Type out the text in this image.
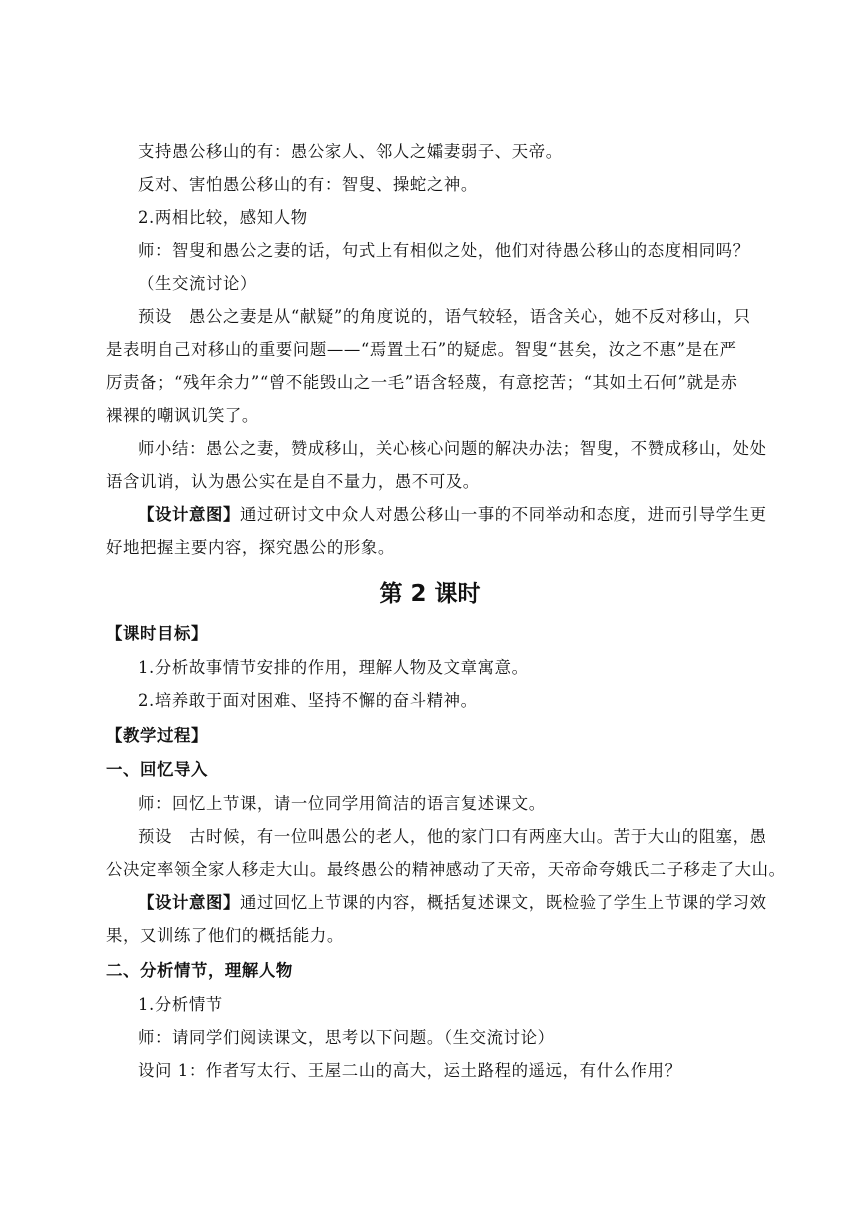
支持愚公移山的有：愚公家人、邻人之孀妻弱子、天帝。
反对、害怕愚公移山的有：智叟、操蛇之神。
2.两相比较，感知人物
师：智叟和愚公之妻的话，句式上有相似之处，他们对待愚公移山的态度相同吗？
（生交流讨论）
预设　愚公之妻是从“献疑”的角度说的，语气较轻，语含关心，她不反对移山，只
是表明自己对移山的重要问题——“焉置土石”的疑虑。智叟“甚矣，汝之不惠”是在严
厉责备；“残年余力”“曾不能毁山之一毛”语含轻蔑，有意挖苦；“其如土石何”就是赤
裸裸的嘲讽讥笑了。
师小结：愚公之妻，赞成移山，关心核心问题的解决办法；智叟，不赞成移山，处处
语含讥诮，认为愚公实在是自不量力，愚不可及。
【设计意图】通过研讨文中众人对愚公移山一事的不同举动和态度，进而引导学生更
好地把握主要内容，探究愚公的形象。
第 2 课时
【课时目标】
1.分析故事情节安排的作用，理解人物及文章寓意。
2.培养敢于面对困难、坚持不懈的奋斗精神。
【教学过程】
一、回忆导入
师：回忆上节课，请一位同学用简洁的语言复述课文。
预设　古时候，有一位叫愚公的老人，他的家门口有两座大山。苦于大山的阻塞，愚
公决定率领全家人移走大山。最终愚公的精神感动了天帝，天帝命夸娥氏二子移走了大山。
【设计意图】通过回忆上节课的内容，概括复述课文，既检验了学生上节课的学习效
果，又训练了他们的概括能力。
二、分析情节，理解人物
1.分析情节
师：请同学们阅读课文，思考以下问题。（生交流讨论）
设问 1：作者写太行、王屋二山的高大，运土路程的遥远，有什么作用？
